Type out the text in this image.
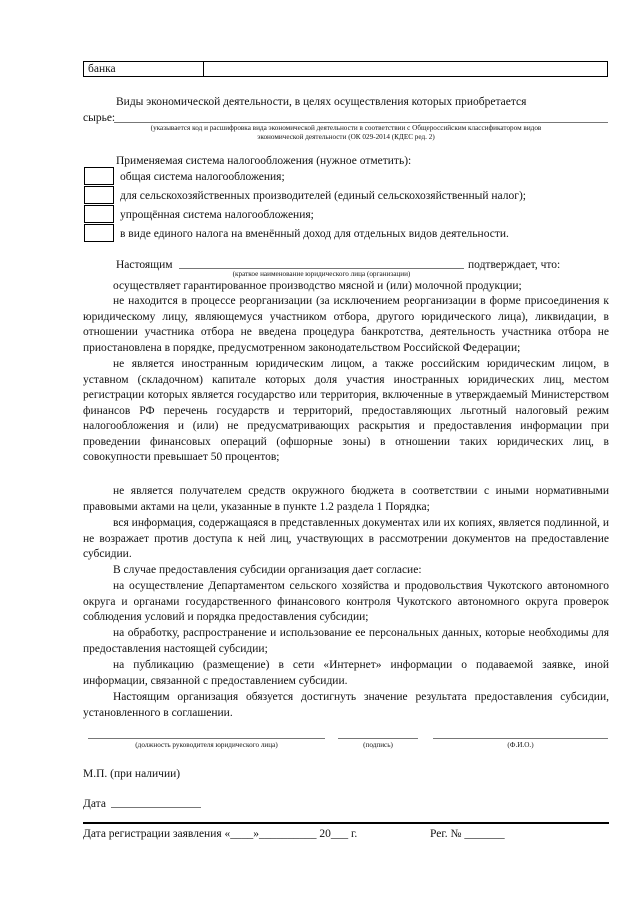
банка
Виды экономической деятельности, в целях осуществления которых приобретается
сырье:
(указывается код и расшифровка вида экономической деятельности в соответствии с Общероссийским классификатором видов
экономической деятельности (ОК 029-2014 (КДЕС ред. 2)
Применяемая система налогообложения (нужное отметить):
общая система налогообложения;
для сельскохозяйственных производителей (единый сельскохозяйственный налог);
упрощённая система налогообложения;
в виде единого налога на вменённый доход для отдельных видов деятельности.
Настоящим	подтверждает, что:
(краткое наименование юридического лица (организации)
осуществляет гарантированное производство мясной и (или) молочной продукции;
не находится в процессе реорганизации (за исключением реорганизации в форме присоединения к юридическому лицу, являющемуся участником отбора, другого юридического лица), ликвидации, в отношении участника отбора не введена процедура банкротства, деятельность участника отбора не приостановлена в порядке, предусмотренном законодательством Российской Федерации;
не является иностранным юридическим лицом, а также российским юридическим лицом, в уставном (складочном) капитале которых доля участия иностранных юридических лиц, местом регистрации которых является государство или территория, включенные в утверждаемый Министерством финансов РФ перечень государств и территорий, предоставляющих льготный налоговый режим налогообложения и (или) не предусматривающих раскрытия и предоставления информации при проведении финансовых операций (офшорные зоны) в отношении таких юридических лиц, в совокупности превышает 50 процентов;
не является получателем средств окружного бюджета в соответствии с иными нормативными правовыми актами на цели, указанные в пункте 1.2 раздела 1 Порядка;
вся информация, содержащаяся в представленных документах или их копиях, является подлинной, и не возражает против доступа к ней лиц, участвующих в рассмотрении документов на предоставление субсидии.
В случае предоставления субсидии организация дает согласие:
на осуществление Департаментом сельского хозяйства и продовольствия Чукотского автономного округа и органами государственного финансового контроля Чукотского автономного округа проверок соблюдения условий и порядка предоставления субсидии;
на обработку, распространение и использование ее персональных данных, которые необходимы для предоставления настоящей субсидии;
на публикацию (размещение) в сети «Интернет» информации о подаваемой заявке, иной информации, связанной с предоставлением субсидии.
Настоящим организация обязуется достигнуть значение результата предоставления субсидии, установленного в соглашении.
(должность руководителя юридического лица)	(подпись)	(Ф.И.О.)
М.П. (при наличии)
Дата
Дата регистрации заявления «____»__________ 20___ г.	Рег. № _______
